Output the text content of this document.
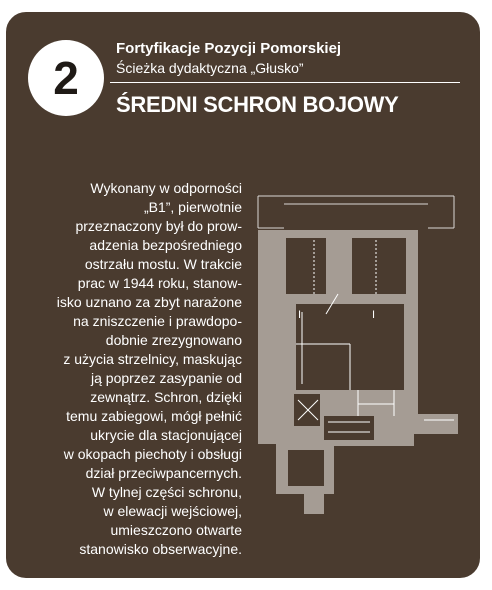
2
Fortyfikacje Pozycji Pomorskiej
Ścieżka dydaktyczna „Głusko”
ŚREDNI SCHRON BOJOWY

Wykonany w odporności

„B1”, pierwotnie

przeznaczony był do prow-

adzenia bezpośredniego

ostrzału mostu. W trakcie

prac w 1944 roku, stanow-

isko uznano za zbyt narażone

na zniszczenie i prawdopo-

dobnie zrezygnowano

z użycia strzelnicy, maskując

ją poprzez zasypanie od

zewnątrz. Schron, dzięki

temu zabiegowi, mógł pełnić

ukrycie dla stacjonującej

w okopach piechoty i obsługi

dział przeciwpancernych.

W tylnej części schronu,

w elewacji wejściowej,

umieszczono otwarte

stanowisko obserwacyjne.

I	I
